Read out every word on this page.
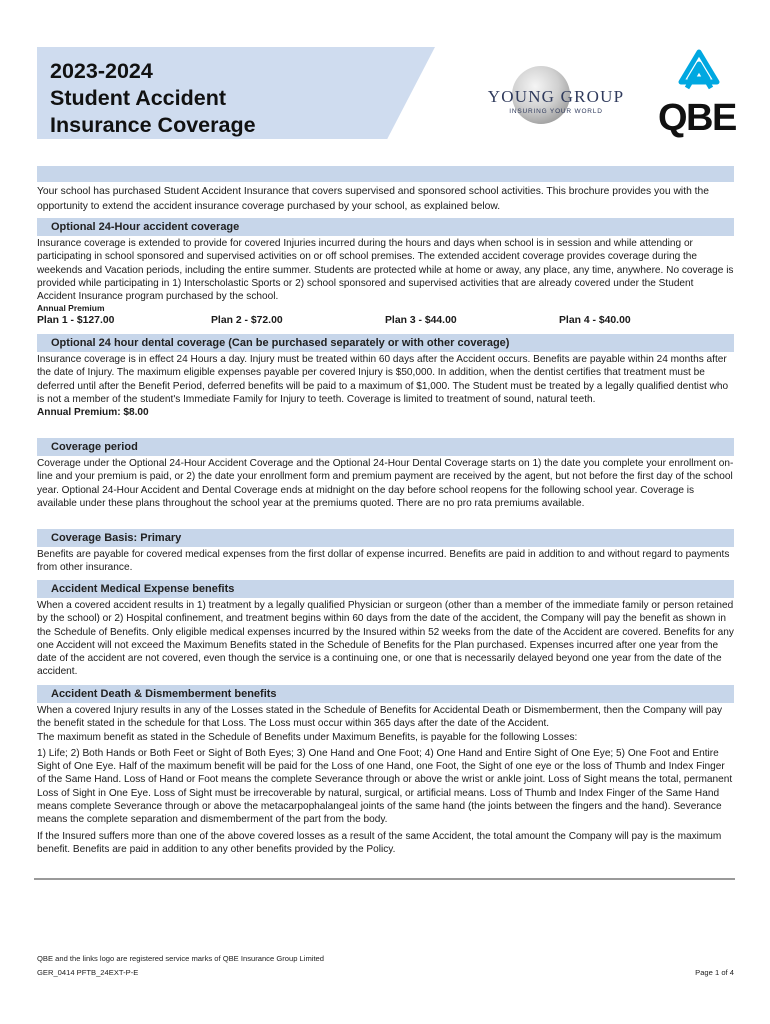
2023-2024
Student Accident
Insurance Coverage
YOUNG GROUP
INSURING YOUR WORLD	QBE
Your school has purchased Student Accident Insurance that covers supervised and sponsored school activities. This brochure provides you with the opportunity to extend the accident insurance coverage purchased by your school, as explained below.
Optional 24-Hour accident coverage

Insurance coverage is extended to provide for covered Injuries incurred during the hours and days when school is in session and while attending or participating in school sponsored and supervised activities on or off school premises. The extended accident coverage provides coverage during the weekends and Vacation periods, including the entire summer. Students are protected while at home or away, any place, any time, anywhere. No coverage is provided while participating in 1) Interscholastic Sports or 2) school sponsored and supervised activities that are already covered under the Student Accident Insurance program purchased by the school.

Annual Premium
Plan 1 - $127.00	Plan 2 - $72.00	Plan 3 - $44.00	Plan 4 - $40.00
Optional 24 hour dental coverage (Can be purchased separately or with other coverage)

Insurance coverage is in effect 24 Hours a day. Injury must be treated within 60 days after the Accident occurs. Benefits are payable within 24 months after the date of Injury. The maximum eligible expenses payable per covered Injury is $50,000. In addition, when the dentist certifies that treatment must be deferred until after the Benefit Period, deferred benefits will be paid to a maximum of $1,000. The Student must be treated by a legally qualified dentist who is not a member of the student's Immediate Family for Injury to teeth. Coverage is limited to treatment of sound, natural teeth.

Annual Premium: $8.00

Coverage period

Coverage under the Optional 24-Hour Accident Coverage and the Optional 24-Hour Dental Coverage starts on 1) the date you complete your enrollment on-line and your premium is paid, or 2) the date your enrollment form and premium payment are received by the agent, but not before the first day of the school year. Optional 24-Hour Accident and Dental Coverage ends at midnight on the day before school reopens for the following school year. Coverage is available under these plans throughout the school year at the premiums quoted. There are no pro rata premiums available.

Coverage Basis: Primary

Benefits are payable for covered medical expenses from the first dollar of expense incurred. Benefits are paid in addition to and without regard to payments from other insurance.

Accident Medical Expense benefits

When a covered accident results in 1) treatment by a legally qualified Physician or surgeon (other than a member of the immediate family or person retained by the school) or 2) Hospital confinement, and treatment begins within 60 days from the date of the accident, the Company will pay the benefit as shown in the Schedule of Benefits. Only eligible medical expenses incurred by the Insured within 52 weeks from the date of the Accident are covered. Benefits for any one Accident will not exceed the Maximum Benefits stated in the Schedule of Benefits for the Plan purchased. Expenses incurred after one year from the date of the accident are not covered, even though the service is a continuing one, or one that is necessarily delayed beyond one year from the date of the accident.

Accident Death & Dismemberment benefits

When a covered Injury results in any of the Losses stated in the Schedule of Benefits for Accidental Death or Dismemberment, then the Company will pay the benefit stated in the schedule for that Loss. The Loss must occur within 365 days after the date of the Accident.

The maximum benefit as stated in the Schedule of Benefits under Maximum Benefits, is payable for the following Losses:

1) Life; 2) Both Hands or Both Feet or Sight of Both Eyes; 3) One Hand and One Foot; 4) One Hand and Entire Sight of One Eye; 5) One Foot and Entire Sight of One Eye. Half of the maximum benefit will be paid for the Loss of one Hand, one Foot, the Sight of one eye or the loss of Thumb and Index Finger of the Same Hand. Loss of Hand or Foot means the complete Severance through or above the wrist or ankle joint. Loss of Sight means the total, permanent Loss of Sight in One Eye. Loss of Sight must be irrecoverable by natural, surgical, or artificial means. Loss of Thumb and Index Finger of the Same Hand means complete Severance through or above the metacarpophalangeal joints of the same hand (the joints between the fingers and the hand). Severance means the complete separation and dismemberment of the part from the body.

If the Insured suffers more than one of the above covered losses as a result of the same Accident, the total amount the Company will pay is the maximum benefit. Benefits are paid in addition to any other benefits provided by the Policy.

QBE and the links logo are registered service marks of QBE Insurance Group Limited
GER_0414 PFTB_24EXT-P-E	Page 1 of 4
